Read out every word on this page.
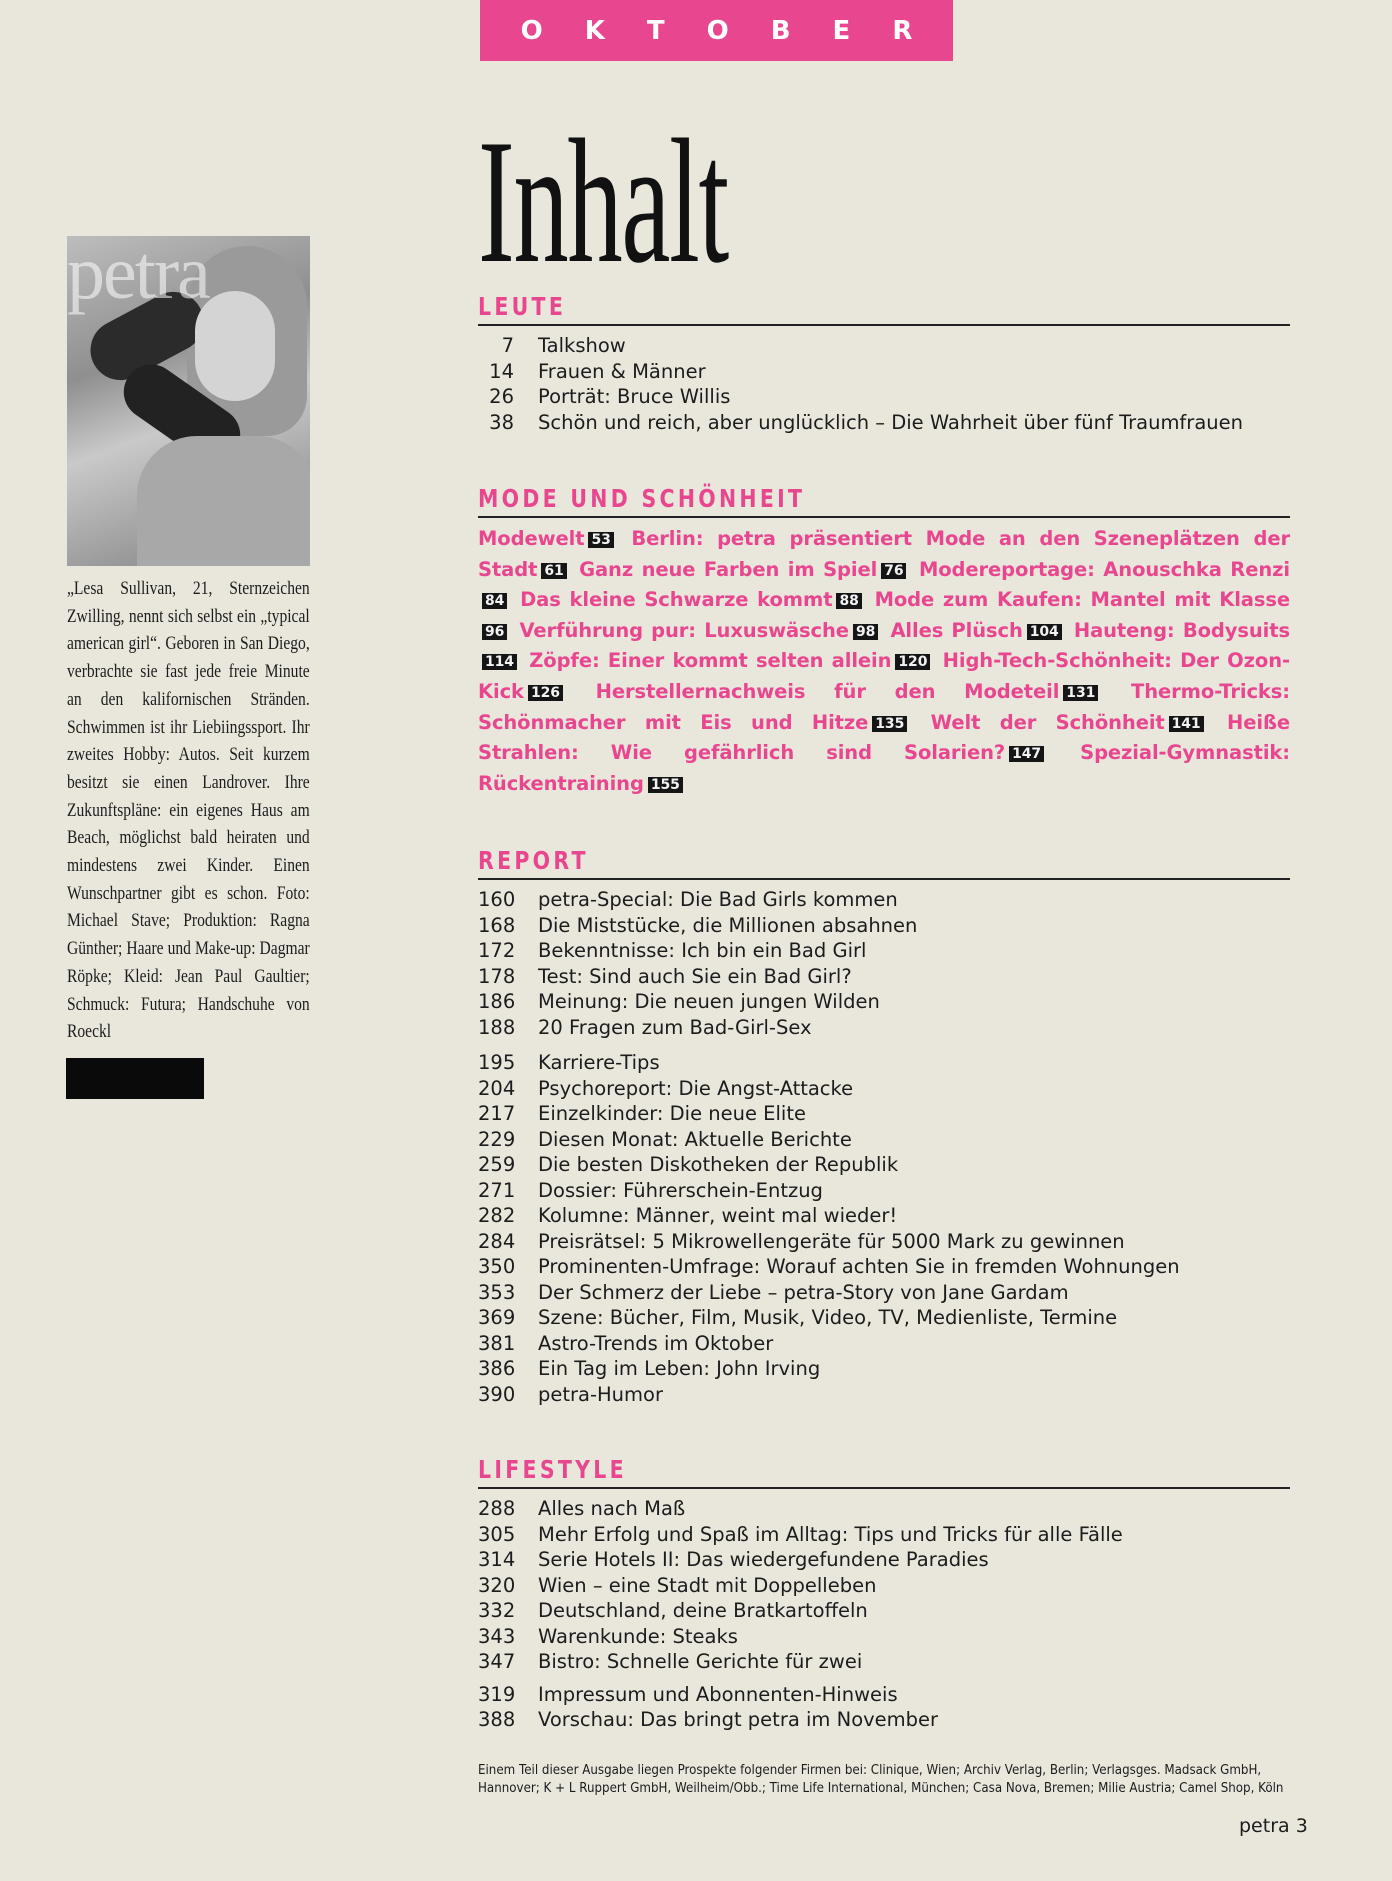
OKTOBER
Inhalt
petra
„Lesa Sullivan, 21, Sternzeichen Zwilling, nennt sich selbst ein „typical american girl“. Geboren in San Diego, verbrachte sie fast jede freie Minute an den kalifornischen Stränden. Schwimmen ist ihr Liebiingssport. Ihr zweites Hobby: Autos. Seit kurzem besitzt sie einen Landrover. Ihre Zukunftspläne: ein eigenes Haus am Beach, möglichst bald heiraten und mindestens zwei Kinder. Einen Wunschpartner gibt es schon. Foto: Michael Stave; Produktion: Ragna Günther; Haare und Make-up: Dagmar Röpke; Kleid: Jean Paul Gaultier; Schmuck: Futura; Handschuhe von Roeckl
LEUTE
7 Talkshow
14 Frauen & Männer
26 Porträt: Bruce Willis
38 Schön und reich, aber unglücklich – Die Wahrheit über fünf Traumfrauen
MODE UND SCHÖNHEIT
Modewelt 53 Berlin: petra präsentiert Mode an den Szeneplätzen der Stadt 61 Ganz neue Farben im Spiel 76 Modereportage: Anouschka Renzi84 Das kleine Schwarze kommt 88 Mode zum Kaufen: Mantel mit Klasse96 Verführung pur: Luxuswäsche 98 Alles Plüsch 104 Hauteng: Bodysuits114 Zöpfe: Einer kommt selten allein 120 High-Tech-Schönheit: Der Ozon-Kick 126 Herstellernachweis für den Modeteil 131 Thermo-Tricks: Schönmacher mit Eis und Hitze 135 Welt der Schönheit 141 Heiße Strahlen: Wie gefährlich sind Solarien? 147 Spezial-Gymnastik: Rückentraining 155
REPORT
160 petra-Special: Die Bad Girls kommen
168 Die Miststücke, die Millionen absahnen
172 Bekenntnisse: Ich bin ein Bad Girl
178 Test: Sind auch Sie ein Bad Girl?
186 Meinung: Die neuen jungen Wilden
188 20 Fragen zum Bad-Girl-Sex
195 Karriere-Tips
204 Psychoreport: Die Angst-Attacke
217 Einzelkinder: Die neue Elite
229 Diesen Monat: Aktuelle Berichte
259 Die besten Diskotheken der Republik
271 Dossier: Führerschein-Entzug
282 Kolumne: Männer, weint mal wieder!
284 Preisrätsel: 5 Mikrowellengeräte für 5000 Mark zu gewinnen
350 Prominenten-Umfrage: Worauf achten Sie in fremden Wohnungen
353 Der Schmerz der Liebe – petra-Story von Jane Gardam
369 Szene: Bücher, Film, Musik, Video, TV, Medienliste, Termine
381 Astro-Trends im Oktober
386 Ein Tag im Leben: John Irving
390 petra-Humor
LIFESTYLE
288 Alles nach Maß
305 Mehr Erfolg und Spaß im Alltag: Tips und Tricks für alle Fälle
314 Serie Hotels II: Das wiedergefundene Paradies
320 Wien – eine Stadt mit Doppelleben
332 Deutschland, deine Bratkartoffeln
343 Warenkunde: Steaks
347 Bistro: Schnelle Gerichte für zwei
319 Impressum und Abonnenten-Hinweis
388 Vorschau: Das bringt petra im November
Einem Teil dieser Ausgabe liegen Prospekte folgender Firmen bei: Clinique, Wien; Archiv Verlag, Berlin; Verlagsges. Madsack GmbH, Hannover; K + L Ruppert GmbH, Weilheim/Obb.; Time Life International, München; Casa Nova, Bremen; Milie Austria; Camel Shop, Köln
petra 3
